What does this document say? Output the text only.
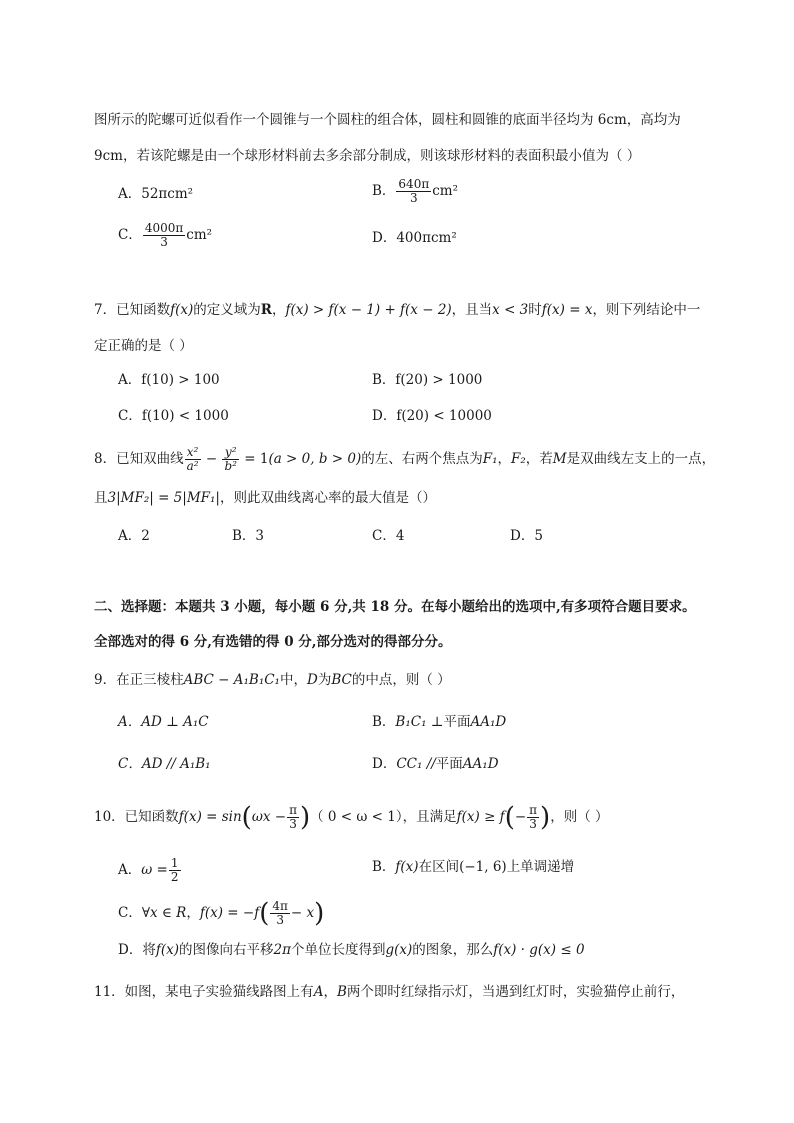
图所示的陀螺可近似看作一个圆锥与一个圆柱的组合体，圆柱和圆锥的底面半径均为 6cm，高均为
9cm，若该陀螺是由一个球形材料前去多余部分制成，则该球形材料的表面积最小值为（ ）
A．52πcm²	B． $\frac{640\pi}{3} cm^2$
C． $\frac{4000\pi}{3} cm^2$	D．400πcm²
7．已知函数f(x)的定义域为R，f(x) > f(x − 1) + f(x − 2)，且当x < 3时f(x) = x，则下列结论中一
定正确的是（ ）
A．f(10) > 100	B．f(20) > 1000
C．f(10) < 1000	D．f(20) < 10000
8．已知双曲线 $\frac{\text{x²}}{\text{a²}} - \frac{\text{y²}}{\text{b²}} = 1(a > 0$, b > 0)的左、右两个焦点为F₁，F₂，若M是双曲线左支上的一点，
且3|MF₂| = 5|MF₁|，则此双曲线离心率的最大值是（）
A．2	B．3	C．4	D．5
二、选择题：本题共 3 小题，每小题 6 分,共 18 分。在每小题给出的选项中,有多项符合题目要求。
全部选对的得 6 分,有选错的得 0 分,部分选对的得部分分。
9．在正三棱柱ABC − A₁B₁C₁中，D为BC的中点，则（ ）
A．AD ⊥ A₁C	B．B₁C₁ ⊥平面AA₁D
C．AD // A₁B₁	D．CC₁ //平面AA₁D
10．已知函数$f(x) = \sin(\omega x - \frac{\pi}{3}$ )（ 0 < ω < 1），且满足$f(x) \ge f(- \frac{\pi}{3}$ )，则（ ）
A．$\omega = \frac{1}{2}$	B．f(x)在区间(−1, 6)上单调递增
C．∀x ∈ R，$f(x) = -f( \frac{4\pi}{3} - x)$
D．将f(x)的图像向右平移2π个单位长度得到g(x)的图象，那么f(x) · g(x) ≤ 0
11．如图，某电子实验猫线路图上有A，B两个即时红绿指示灯，当遇到红灯时，实验猫停止前行，
